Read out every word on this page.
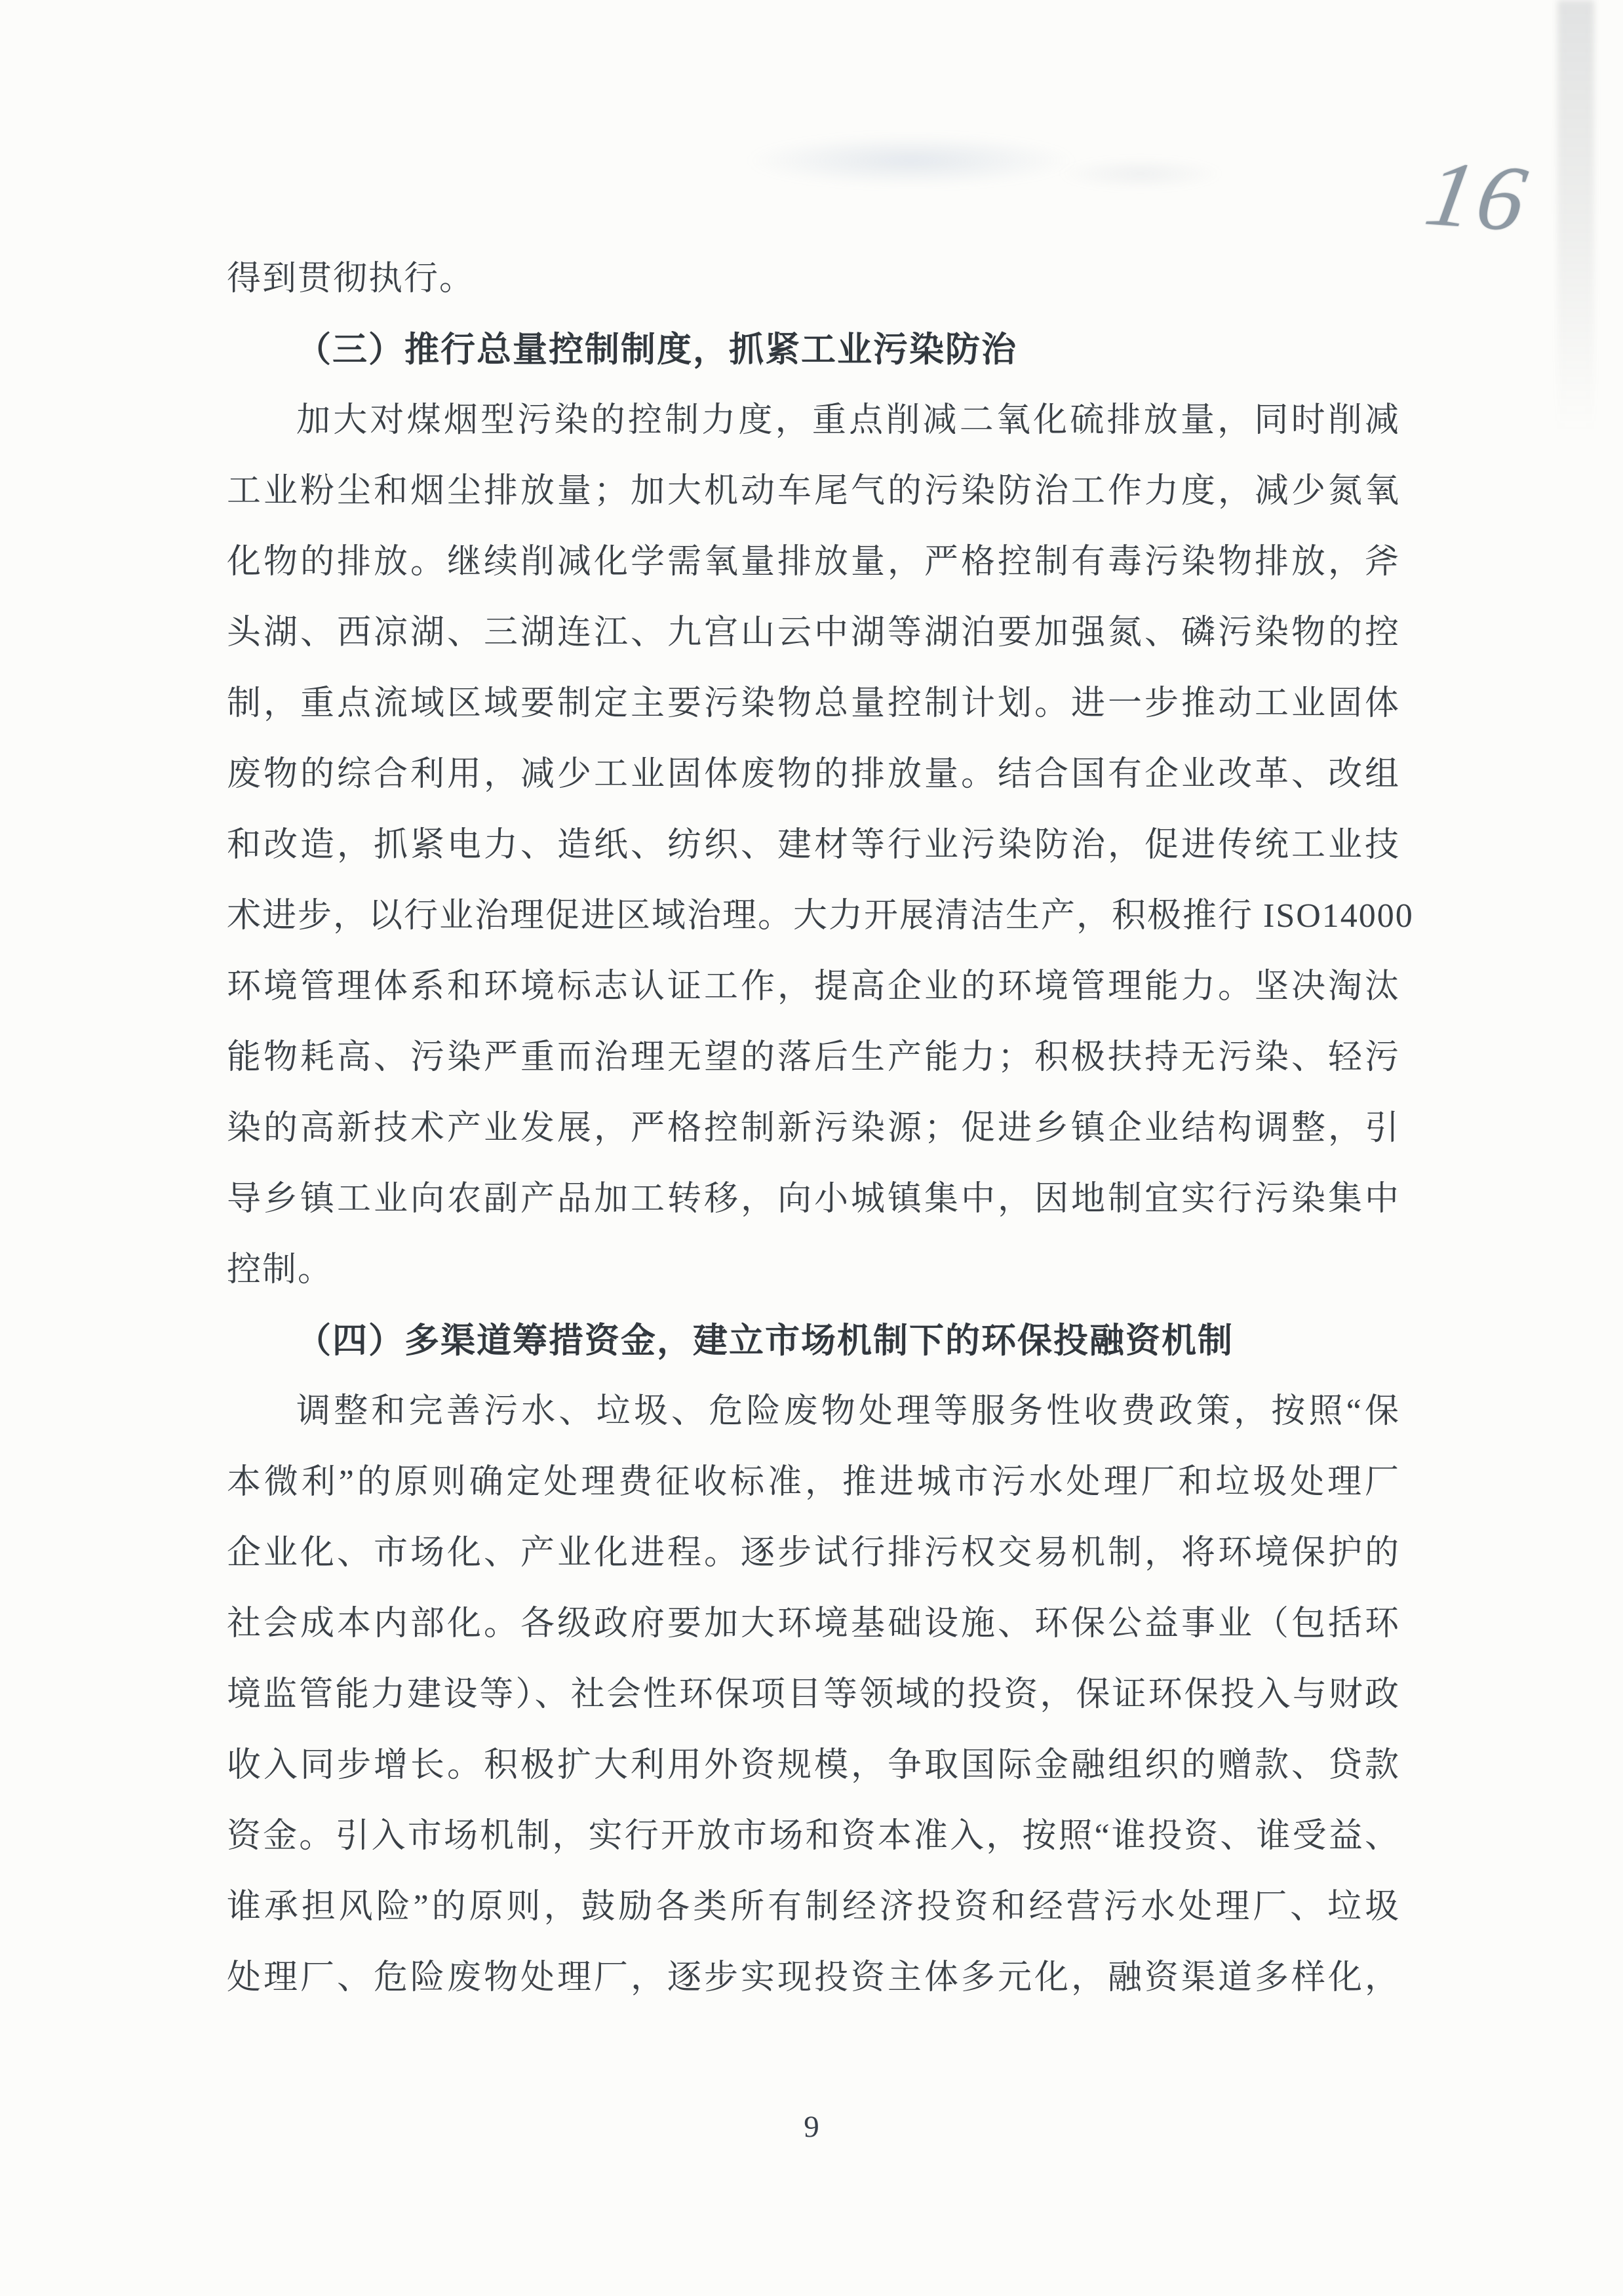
16
得到贯彻执行。
（三）推行总量控制制度，抓紧工业污染防治
加大对煤烟型污染的控制力度，重点削减二氧化硫排放量，同时削减
工业粉尘和烟尘排放量；加大机动车尾气的污染防治工作力度，减少氮氧
化物的排放。继续削减化学需氧量排放量，严格控制有毒污染物排放，斧
头湖、西凉湖、三湖连江、九宫山云中湖等湖泊要加强氮、磷污染物的控
制，重点流域区域要制定主要污染物总量控制计划。进一步推动工业固体
废物的综合利用，减少工业固体废物的排放量。结合国有企业改革、改组
和改造，抓紧电力、造纸、纺织、建材等行业污染防治，促进传统工业技
术进步，以行业治理促进区域治理。大力开展清洁生产，积极推行 ISO14000
环境管理体系和环境标志认证工作，提高企业的环境管理能力。坚决淘汰
能物耗高、污染严重而治理无望的落后生产能力；积极扶持无污染、轻污
染的高新技术产业发展，严格控制新污染源；促进乡镇企业结构调整，引
导乡镇工业向农副产品加工转移，向小城镇集中，因地制宜实行污染集中
控制。
（四）多渠道筹措资金，建立市场机制下的环保投融资机制
调整和完善污水、垃圾、危险废物处理等服务性收费政策，按照“保
本微利”的原则确定处理费征收标准，推进城市污水处理厂和垃圾处理厂
企业化、市场化、产业化进程。逐步试行排污权交易机制，将环境保护的
社会成本内部化。各级政府要加大环境基础设施、环保公益事业（包括环
境监管能力建设等）、社会性环保项目等领域的投资，保证环保投入与财政
收入同步增长。积极扩大利用外资规模，争取国际金融组织的赠款、贷款
资金。引入市场机制，实行开放市场和资本准入，按照“谁投资、谁受益、
谁承担风险”的原则，鼓励各类所有制经济投资和经营污水处理厂、垃圾
处理厂、危险废物处理厂，逐步实现投资主体多元化，融资渠道多样化，
9
